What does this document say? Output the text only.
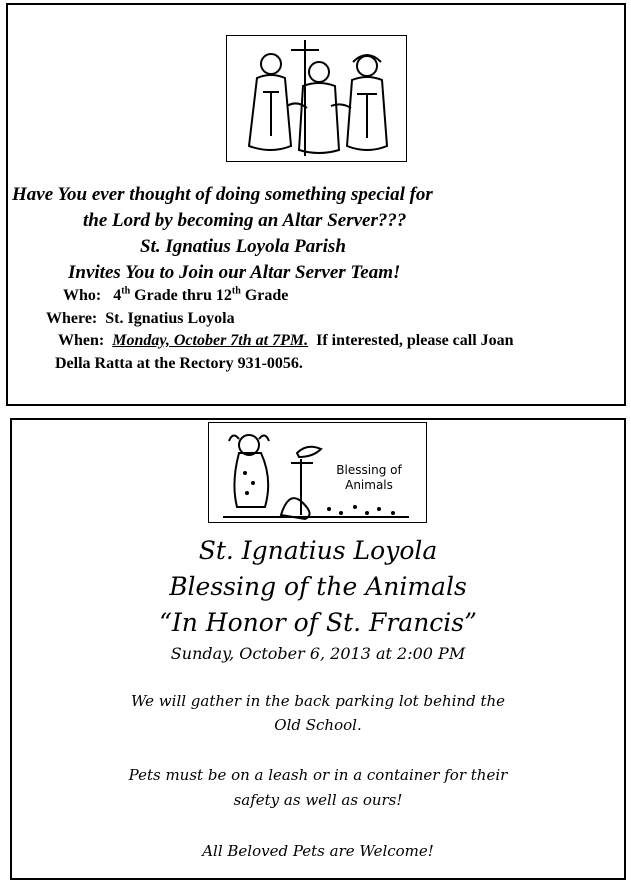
Have You ever thought of doing something special for
the Lord by becoming an Altar Server???
St. Ignatius Loyola Parish
Invites You to Join our Altar Server Team!
Who: 4th Grade thru 12th Grade
Where: St. Ignatius Loyola
When: Monday, October 7th at 7PM. If interested, please call Joan
Della Ratta at the Rectory 931-0056.
Blessing of
Animals
St. Ignatius Loyola
Blessing of the Animals
“In Honor of St. Francis”
Sunday, October 6, 2013 at 2:00 PM
We will gather in the back parking lot behind the
Old School.
Pets must be on a leash or in a container for their
safety as well as ours!
All Beloved Pets are Welcome!
